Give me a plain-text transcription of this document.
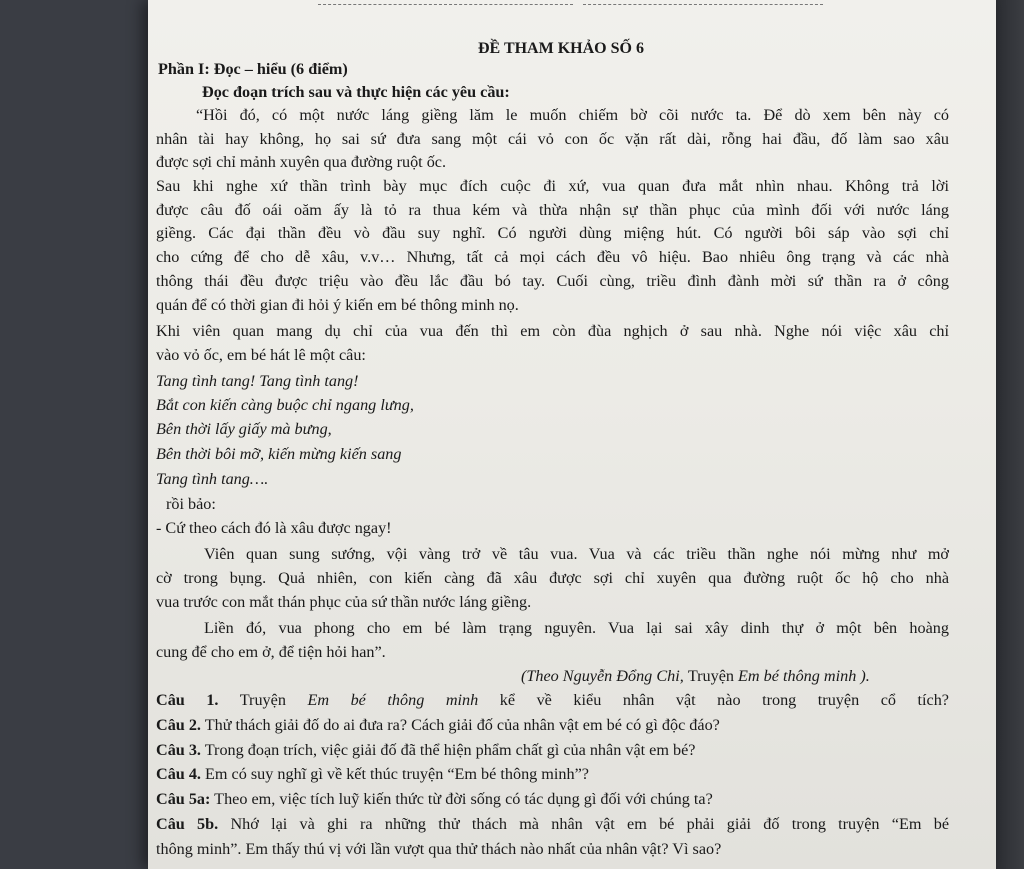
ĐỀ THAM KHẢO SỐ 6
Phần I: Đọc – hiểu (6 điểm)
Đọc đoạn trích sau và thực hiện các yêu cầu:
“Hồi đó, có một nước láng giềng lăm le muốn chiếm bờ cõi nước ta. Để dò xem bên này có
nhân tài hay không, họ sai sứ đưa sang một cái vỏ con ốc vặn rất dài, rỗng hai đầu, đố làm sao xâu
được sợi chỉ mảnh xuyên qua đường ruột ốc.
Sau khi nghe xứ thần trình bày mục đích cuộc đi xứ, vua quan đưa mắt nhìn nhau. Không trả lời
được câu đố oái oăm ấy là tỏ ra thua kém và thừa nhận sự thần phục của mình đối với nước láng
giềng. Các đại thần đều vò đầu suy nghĩ. Có người dùng miệng hút. Có người bôi sáp vào sợi chỉ
cho cứng để cho dễ xâu, v.v… Nhưng, tất cả mọi cách đều vô hiệu. Bao nhiêu ông trạng và các nhà
thông thái đều được triệu vào đều lắc đầu bó tay. Cuối cùng, triều đình đành mời sứ thần ra ở công
quán để có thời gian đi hỏi ý kiến em bé thông minh nọ.
Khi viên quan mang dụ chỉ của vua đến thì em còn đùa nghịch ở sau nhà. Nghe nói việc xâu chỉ
vào vỏ ốc, em bé hát lê một câu:
Tang tình tang! Tang tình tang!
Bắt con kiến càng buộc chỉ ngang lưng,
Bên thời lấy giấy mà bưng,
Bên thời bôi mỡ, kiến mừng kiến sang
Tang tình tang….
rồi bảo:
- Cứ theo cách đó là xâu được ngay!
Viên quan sung sướng, vội vàng trở về tâu vua. Vua và các triều thần nghe nói mừng như mở
cờ trong bụng. Quả nhiên, con kiến càng đã xâu được sợi chỉ xuyên qua đường ruột ốc hộ cho nhà
vua trước con mắt thán phục của sứ thần nước láng giềng.
Liền đó, vua phong cho em bé làm trạng nguyên. Vua lại sai xây dinh thự ở một bên hoàng
cung để cho em ở, để tiện hỏi han”.
(Theo Nguyễn Đổng Chi, Truyện Em bé thông minh ).
Câu 1. Truyện Em bé thông minh kể về kiểu nhân vật nào trong truyện cổ tích?
Câu 2. Thử thách giải đố do ai đưa ra? Cách giải đố của nhân vật em bé có gì độc đáo?
Câu 3. Trong đoạn trích, việc giải đố đã thể hiện phẩm chất gì của nhân vật em bé?
Câu 4. Em có suy nghĩ gì về kết thúc truyện “Em bé thông minh”?
Câu 5a: Theo em, việc tích luỹ kiến thức từ đời sống có tác dụng gì đối với chúng ta?
Câu 5b. Nhớ lại và ghi ra những thử thách mà nhân vật em bé phải giải đố trong truyện “Em bé
thông minh”. Em thấy thú vị với lần vượt qua thử thách nào nhất của nhân vật? Vì sao?
